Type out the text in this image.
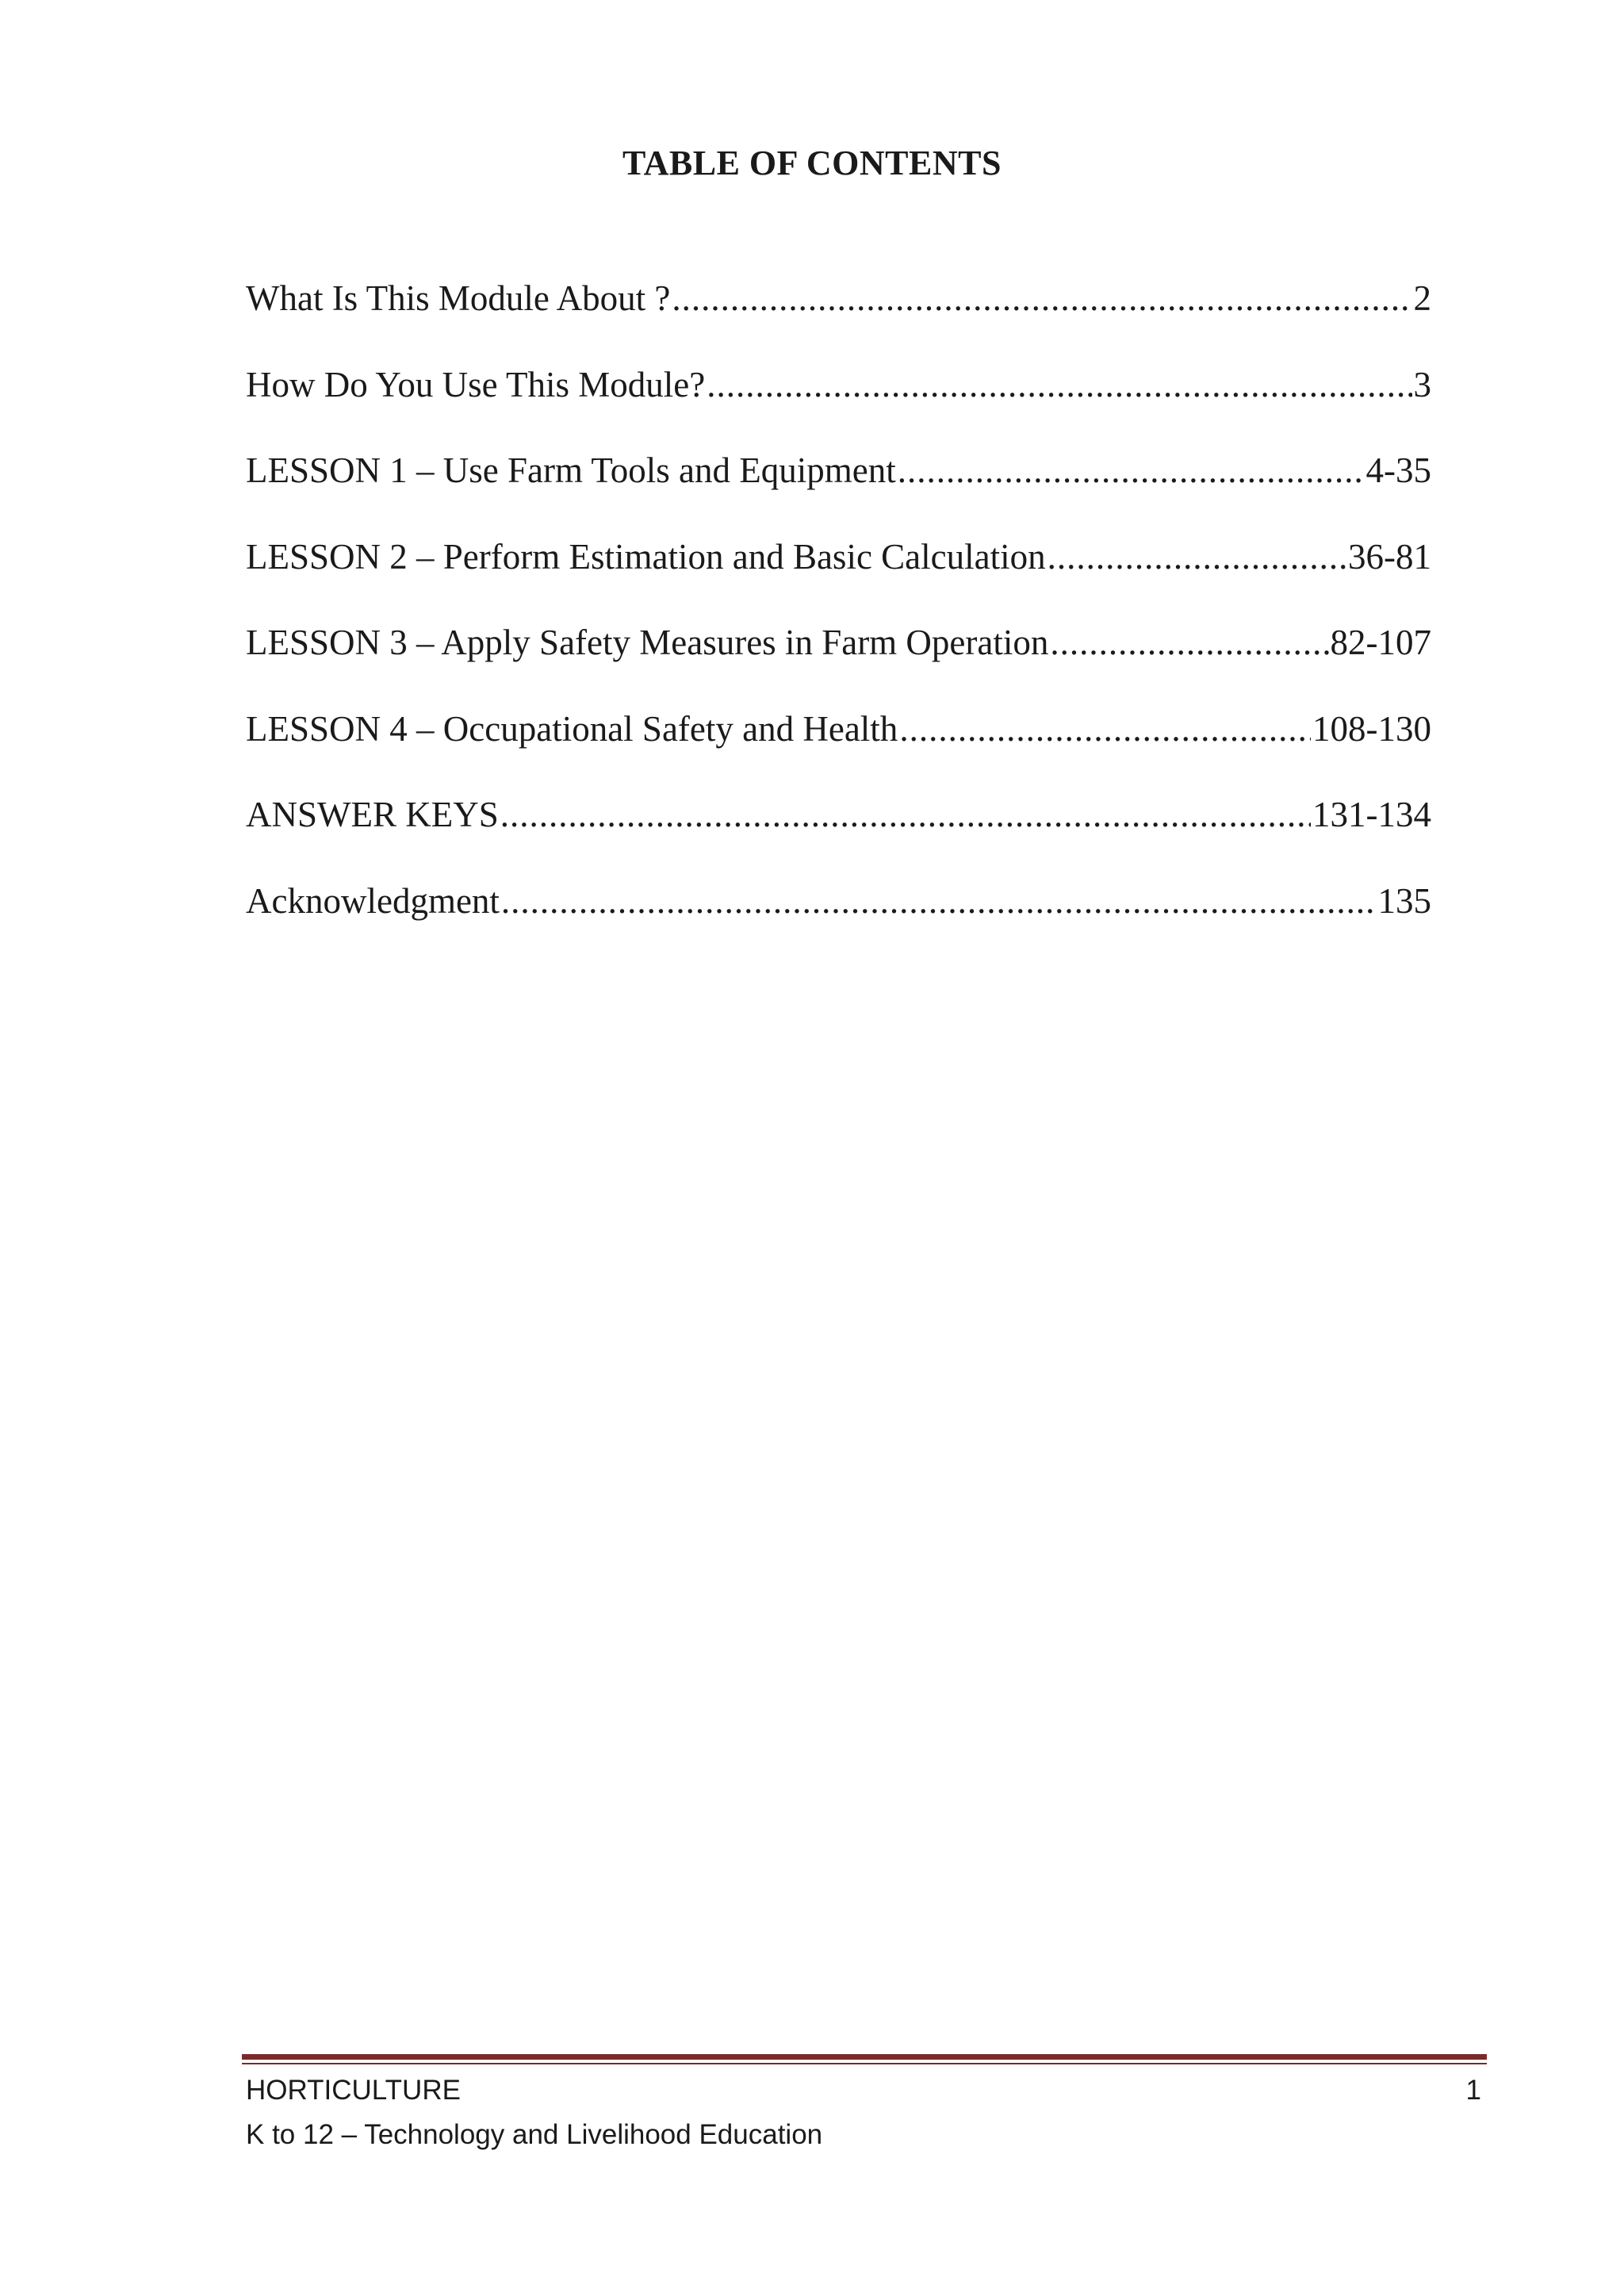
TABLE OF CONTENTS
What Is This Module About ? .....	2
How Do You Use This Module? .....	3
LESSON 1 – Use Farm Tools and Equipment .....	4-35
LESSON 2 – Perform Estimation and Basic Calculation .....	36-81
LESSON 3 – Apply Safety Measures in Farm Operation .....	82-107
LESSON 4 – Occupational Safety and Health .....	108-130
ANSWER KEYS .....	131-134
Acknowledgment .....	135
HORTICULTURE
K to 12 – Technology and Livelihood Education
1
